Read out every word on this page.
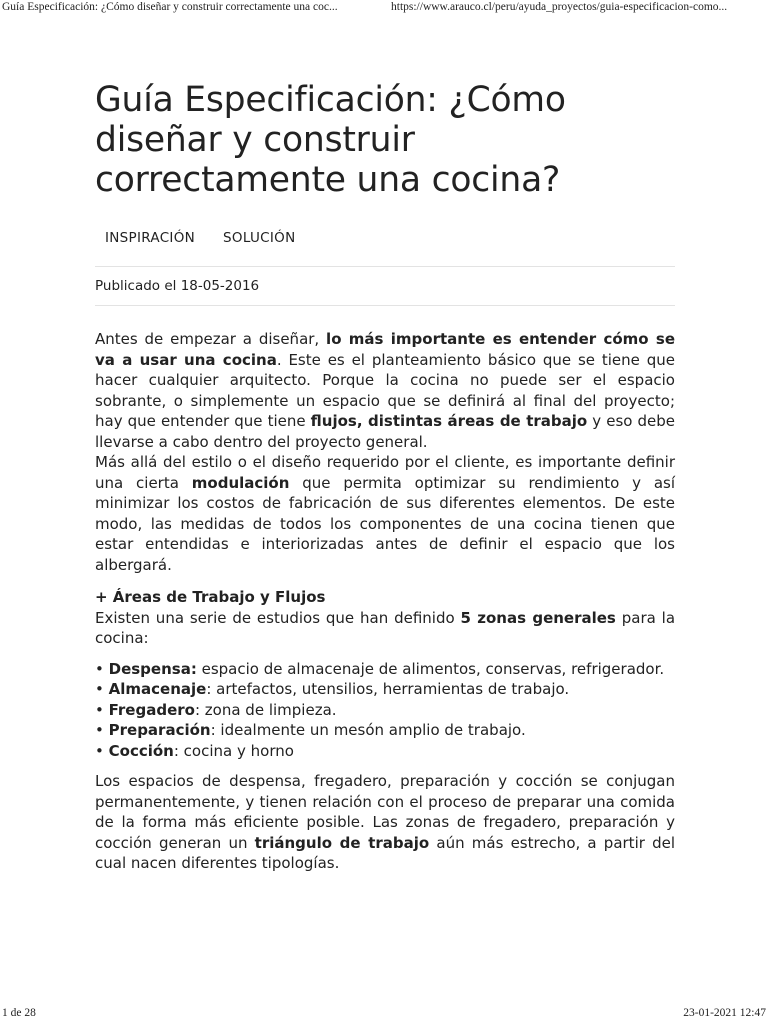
Guía Especificación: ¿Cómo diseñar y construir correctamente una coc...	https://www.arauco.cl/peru/ayuda_proyectos/guia-especificacion-como...
Guía Especificación: ¿Cómo diseñar y construir correctamente una cocina?
INSPIRACIÓN SOLUCIÓN
Publicado el 18-05-2016

Antes de empezar a diseñar, lo más importante es entender cómo se va a usar una cocina. Este es el planteamiento básico que se tiene que hacer cualquier arquitecto. Porque la cocina no puede ser el espacio sobrante, o simplemente un espacio que se definirá al final del proyecto; hay que entender que tiene flujos, distintas áreas de trabajo y eso debe llevarse a cabo dentro del proyecto general.

Más allá del estilo o el diseño requerido por el cliente, es importante definir una cierta modulación que permita optimizar su rendimiento y así minimizar los costos de fabricación de sus diferentes elementos. De este modo, las medidas de todos los componentes de una cocina tienen que estar entendidas e interiorizadas antes de definir el espacio que los albergará.

+ Áreas de Trabajo y Flujos

Existen una serie de estudios que han definido 5 zonas generales para la cocina:

• Despensa: espacio de almacenaje de alimentos, conservas, refrigerador.
• Almacenaje: artefactos, utensilios, herramientas de trabajo.
• Fregadero: zona de limpieza.
• Preparación: idealmente un mesón amplio de trabajo.
• Cocción: cocina y horno

Los espacios de despensa, fregadero, preparación y cocción se conjugan permanentemente, y tienen relación con el proceso de preparar una comida de la forma más eficiente posible. Las zonas de fregadero, preparación y cocción generan un triángulo de trabajo aún más estrecho, a partir del cual nacen diferentes tipologías.

1 de 28	23-01-2021 12:47
